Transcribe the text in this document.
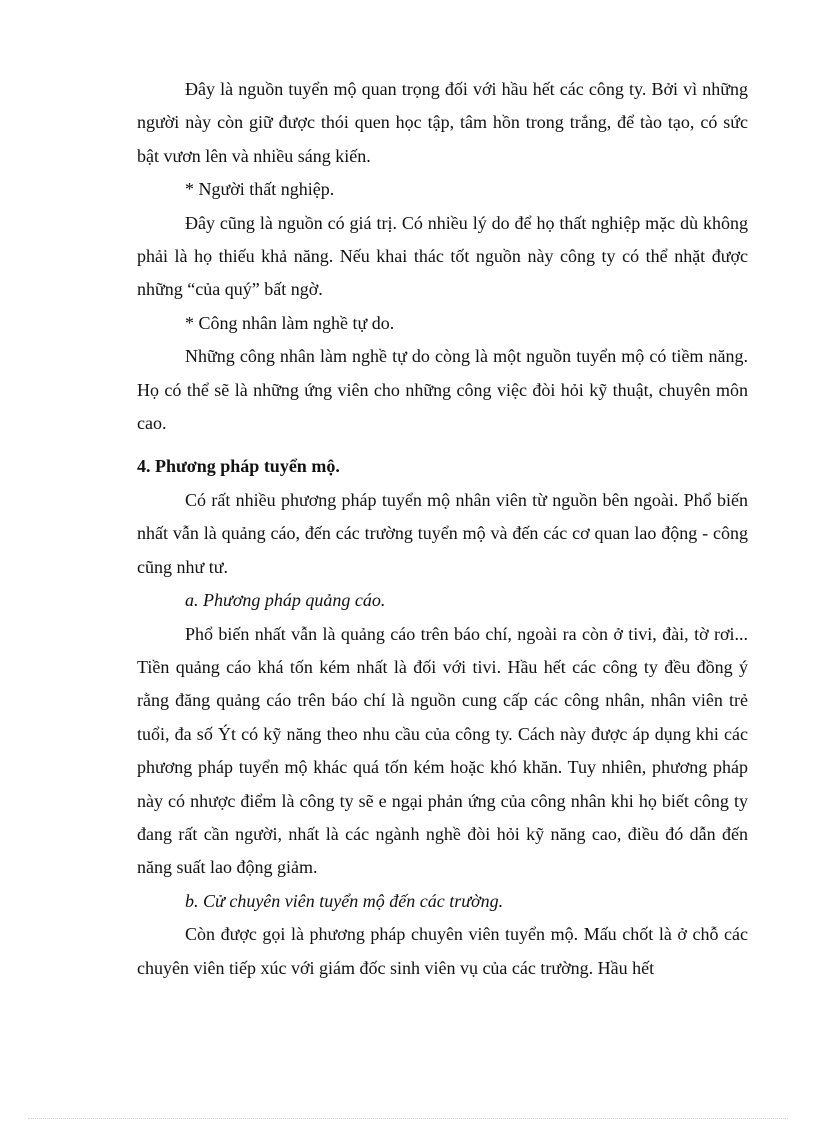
Đây là nguồn tuyển mộ quan trọng đối với hầu hết các công ty. Bởi vì những người này còn giữ được thói quen học tập, tâm hồn trong trắng, để tào tạo, có sức bật vươn lên và nhiều sáng kiến.

* Người thất nghiệp.

Đây cũng là nguồn có giá trị. Có nhiều lý do để họ thất nghiệp mặc dù không phải là họ thiếu khả năng. Nếu khai thác tốt nguồn này công ty có thể nhặt được những “của quý” bất ngờ.

* Công nhân làm nghề tự do.

Những công nhân làm nghề tự do còng là một nguồn tuyển mộ có tiềm năng. Họ có thể sẽ là những ứng viên cho những công việc đòi hỏi kỹ thuật, chuyên môn cao.

4. Phương pháp tuyển mộ.

Có rất nhiều phương pháp tuyển mộ nhân viên từ nguồn bên ngoài. Phổ biến nhất vẫn là quảng cáo, đến các trường tuyển mộ và đến các cơ quan lao động - công cũng như tư.

a. Phương pháp quảng cáo.

Phổ biến nhất vẫn là quảng cáo trên báo chí, ngoài ra còn ở tivi, đài, tờ rơi... Tiền quảng cáo khá tốn kém nhất là đối với tivi. Hầu hết các công ty đều đồng ý rằng đăng quảng cáo trên báo chí là nguồn cung cấp các công nhân, nhân viên trẻ tuổi, đa số Ýt có kỹ năng theo nhu cầu của công ty. Cách này được áp dụng khi các phương pháp tuyển mộ khác quá tốn kém hoặc khó khăn. Tuy nhiên, phương pháp này có nhược điểm là công ty sẽ e ngại phản ứng của công nhân khi họ biết công ty đang rất cần người, nhất là các ngành nghề đòi hỏi kỹ năng cao, điều đó dẫn đến năng suất lao động giảm.

b. Cử chuyên viên tuyển mộ đến các trường.

Còn được gọi là phương pháp chuyên viên tuyển mộ. Mấu chốt là ở chỗ các chuyên viên tiếp xúc với giám đốc sinh viên vụ của các trường. Hầu hết
